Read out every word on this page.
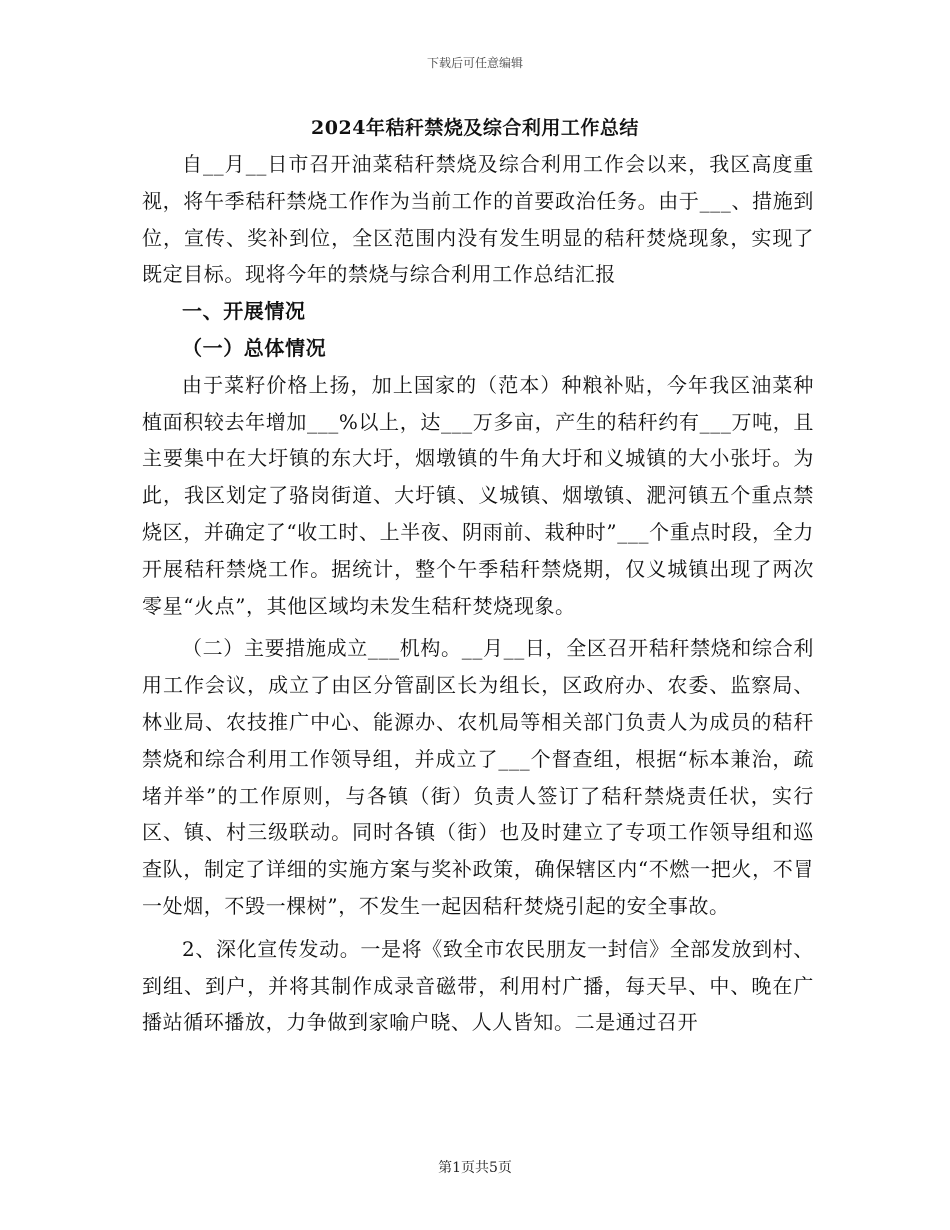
下载后可任意编辑
2024年秸秆禁烧及综合利用工作总结

自__月__日市召开油菜秸秆禁烧及综合利用工作会以来，我区高度重视，将午季秸秆禁烧工作作为当前工作的首要政治任务。由于___、措施到位，宣传、奖补到位，全区范围内没有发生明显的秸秆焚烧现象，实现了既定目标。现将今年的禁烧与综合利用工作总结汇报

一、开展情况

（一）总体情况

由于菜籽价格上扬，加上国家的（范本）种粮补贴，今年我区油菜种植面积较去年增加___%以上，达___万多亩，产生的秸秆约有___万吨，且主要集中在大圩镇的东大圩，烟墩镇的牛角大圩和义城镇的大小张圩。为此，我区划定了骆岗街道、大圩镇、义城镇、烟墩镇、淝河镇五个重点禁烧区，并确定了“收工时、上半夜、阴雨前、栽种时”___个重点时段，全力开展秸秆禁烧工作。据统计，整个午季秸秆禁烧期，仅义城镇出现了两次零星“火点”，其他区域均未发生秸秆焚烧现象。

（二）主要措施成立___机构。__月__日，全区召开秸秆禁烧和综合利用工作会议，成立了由区分管副区长为组长，区政府办、农委、监察局、林业局、农技推广中心、能源办、农机局等相关部门负责人为成员的秸秆禁烧和综合利用工作领导组，并成立了___个督查组，根据“标本兼治，疏堵并举”的工作原则，与各镇（街）负责人签订了秸秆禁烧责任状，实行区、镇、村三级联动。同时各镇（街）也及时建立了专项工作领导组和巡查队，制定了详细的实施方案与奖补政策，确保辖区内“不燃一把火，不冒一处烟，不毁一棵树”，不发生一起因秸秆焚烧引起的安全事故。

2、深化宣传发动。一是将《致全市农民朋友一封信》全部发放到村、到组、到户，并将其制作成录音磁带，利用村广播，每天早、中、晚在广播站循环播放，力争做到家喻户晓、人人皆知。二是通过召开

第1页共5页
